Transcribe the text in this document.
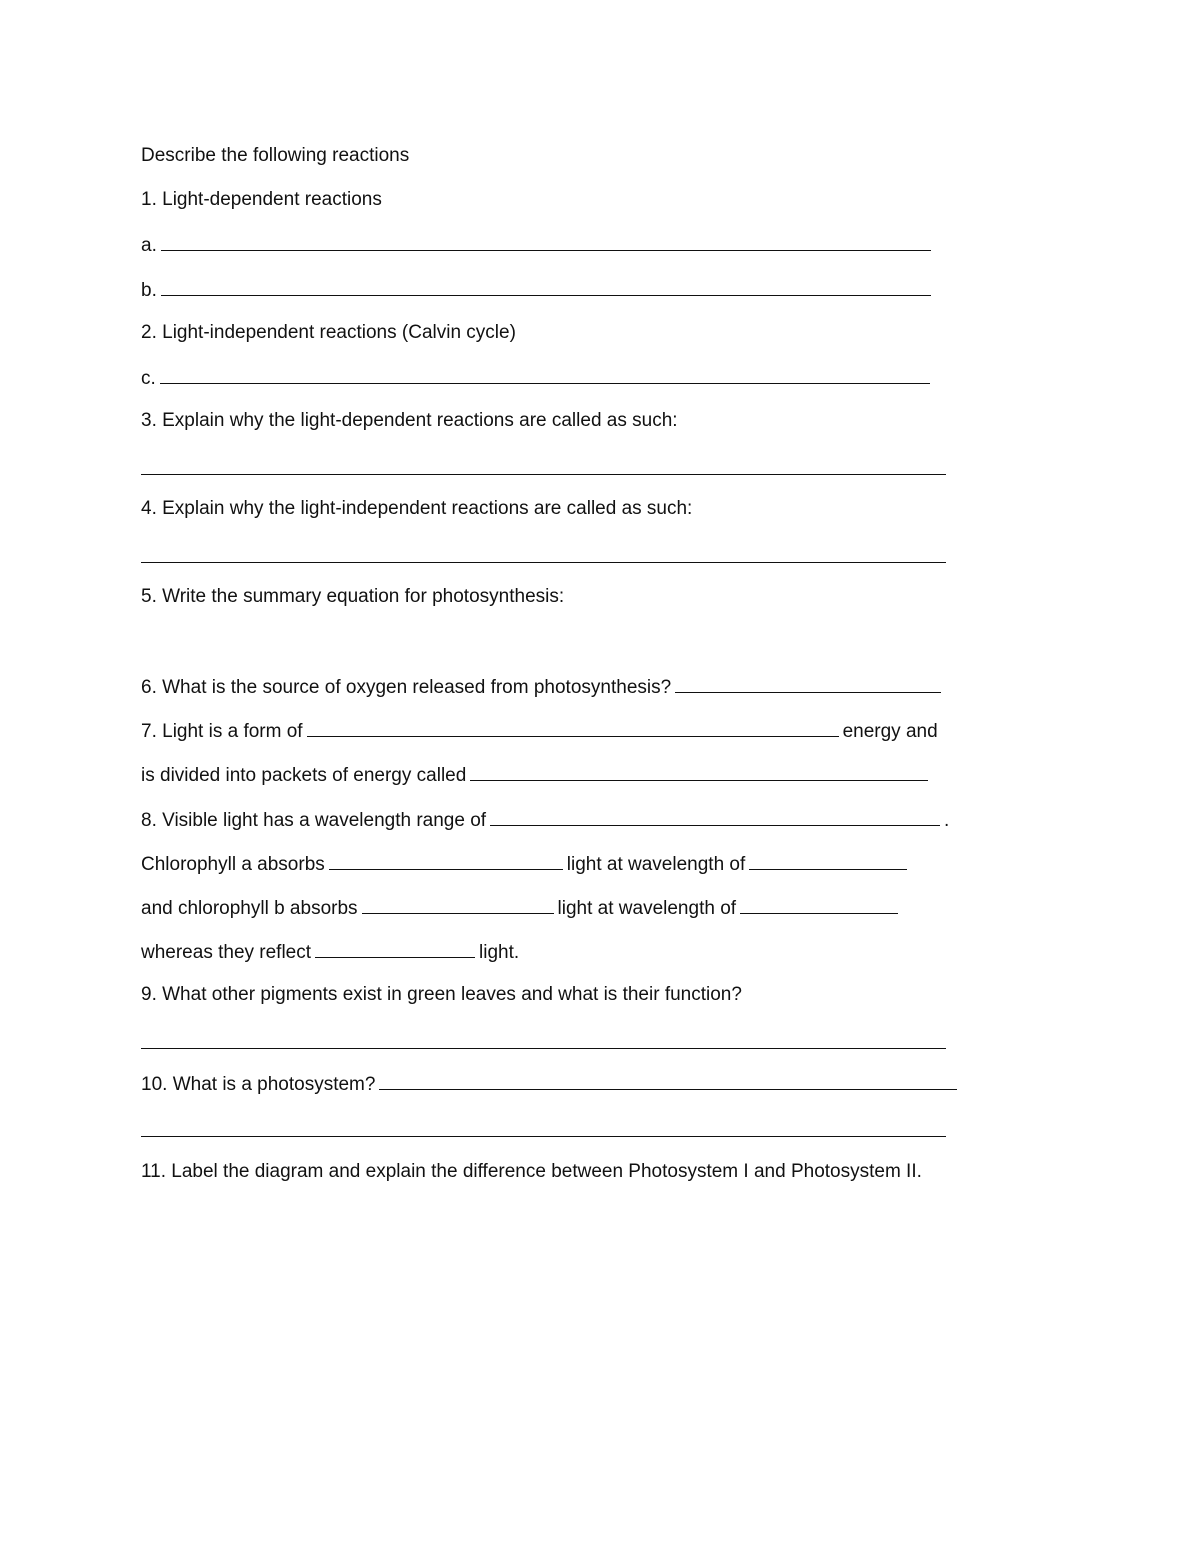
Describe the following reactions
1. Light-dependent reactions
a.
b.
2. Light-independent reactions (Calvin cycle)
c.
3. Explain why the light-dependent reactions are called as such:
4. Explain why the light-independent reactions are called as such:
5. Write the summary equation for photosynthesis:
6. What is the source of oxygen released from photosynthesis?
7. Light is a form of	energy and
is divided into packets of energy called
8. Visible light has a wavelength range of	.
Chlorophyll a absorbs	light at wavelength of
and chlorophyll b absorbs	light at wavelength of
whereas they reflect	light.
9. What other pigments exist in green leaves and what is their function?
10. What is a photosystem?
11. Label the diagram and explain the difference between Photosystem I and Photosystem II.
